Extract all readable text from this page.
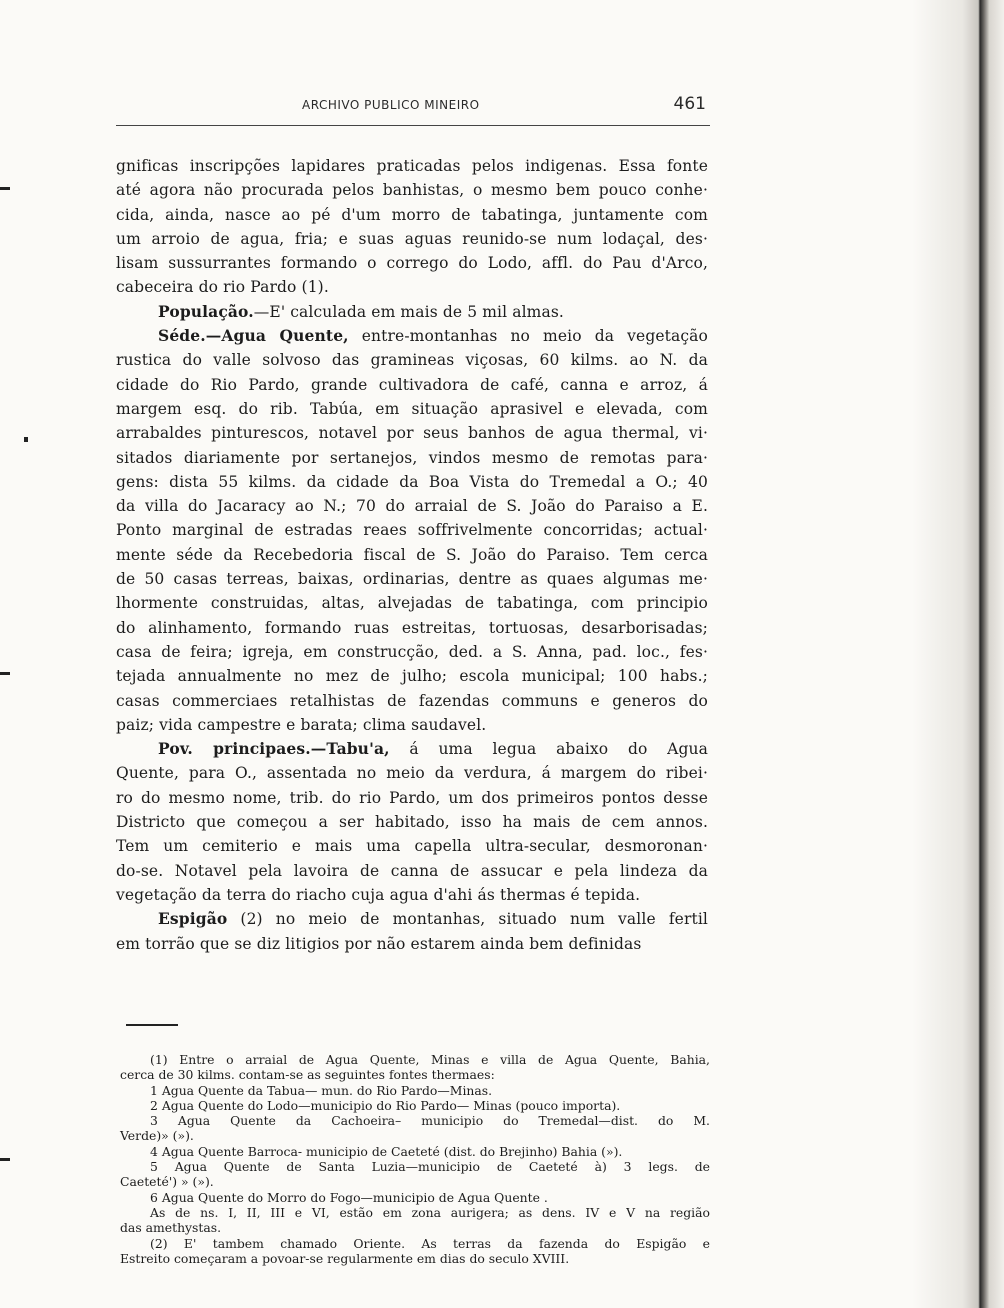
ARCHIVO PUBLICO MINEIRO	461

gnificas inscripções lapidares praticadas pelos indigenas. Essa fonte

até agora não procurada pelos banhistas, o mesmo bem pouco conhe·

cida, ainda, nasce ao pé d'um morro de tabatinga, juntamente com

um arroio de agua, fria; e suas aguas reunido-se num lodaçal, des·

lisam sussurrantes formando o corrego do Lodo, affl. do Pau d'Arco,

cabeceira do rio Pardo (1).

População.—E' calculada em mais de 5 mil almas.

Séde.—Agua Quente, entre-montanhas no meio da vegetação

rustica do valle solvoso das gramineas viçosas, 60 kilms. ao N. da

cidade do Rio Pardo, grande cultivadora de café, canna e arroz, á

margem esq. do rib. Tabúa, em situação aprasivel e elevada, com

arrabaldes pinturescos, notavel por seus banhos de agua thermal, vi·

sitados diariamente por sertanejos, vindos mesmo de remotas para·

gens: dista 55 kilms. da cidade da Boa Vista do Tremedal a O.; 40

da villa do Jacaracy ao N.; 70 do arraial de S. João do Paraiso a E.

Ponto marginal de estradas reaes soffrivelmente concorridas; actual·

mente séde da Recebedoria fiscal de S. João do Paraiso. Tem cerca

de 50 casas terreas, baixas, ordinarias, dentre as quaes algumas me·

lhormente construidas, altas, alvejadas de tabatinga, com principio

do alinhamento, formando ruas estreitas, tortuosas, desarborisadas;

casa de feira; igreja, em construcção, ded. a S. Anna, pad. loc., fes·

tejada annualmente no mez de julho; escola municipal; 100 habs.;

casas commerciaes retalhistas de fazendas communs e generos do

paiz; vida campestre e barata; clima saudavel.

Pov. principaes.—Tabu'a, á uma legua abaixo do Agua

Quente, para O., assentada no meio da verdura, á margem do ribei·

ro do mesmo nome, trib. do rio Pardo, um dos primeiros pontos desse

Districto que começou a ser habitado, isso ha mais de cem annos.

Tem um cemiterio e mais uma capella ultra-secular, desmoronan·

do-se. Notavel pela lavoira de canna de assucar e pela lindeza da

vegetação da terra do riacho cuja agua d'ahi ás thermas é tepida.

Espigão (2) no meio de montanhas, situado num valle fertil

em torrão que se diz litigios por não estarem ainda bem definidas

(1) Entre o arraial de Agua Quente, Minas e villa de Agua Quente, Bahia,

cerca de 30 kilms. contam-se as seguintes fontes thermaes:

1 Agua Quente da Tabua— mun. do Rio Pardo—Minas.

2 Agua Quente do Lodo—municipio do Rio Pardo— Minas (pouco importa).

3 Agua Quente da Cachoeira– municipio do Tremedal—dist. do M.

Verde)» (»).

4 Agua Quente Barroca- municipio de Caeteté (dist. do Brejinho) Bahia (»).

5 Agua Quente de Santa Luzia—municipio de Caeteté à) 3 legs. de

Caeteté') » (»).

6 Agua Quente do Morro do Fogo—municipio de Agua Quente .

As de ns. I, II, III e VI, estão em zona aurigera; as dens. IV e V na região

das amethystas.

(2) E' tambem chamado Oriente. As terras da fazenda do Espigão e

Estreito começaram a povoar-se regularmente em dias do seculo XVIII.
